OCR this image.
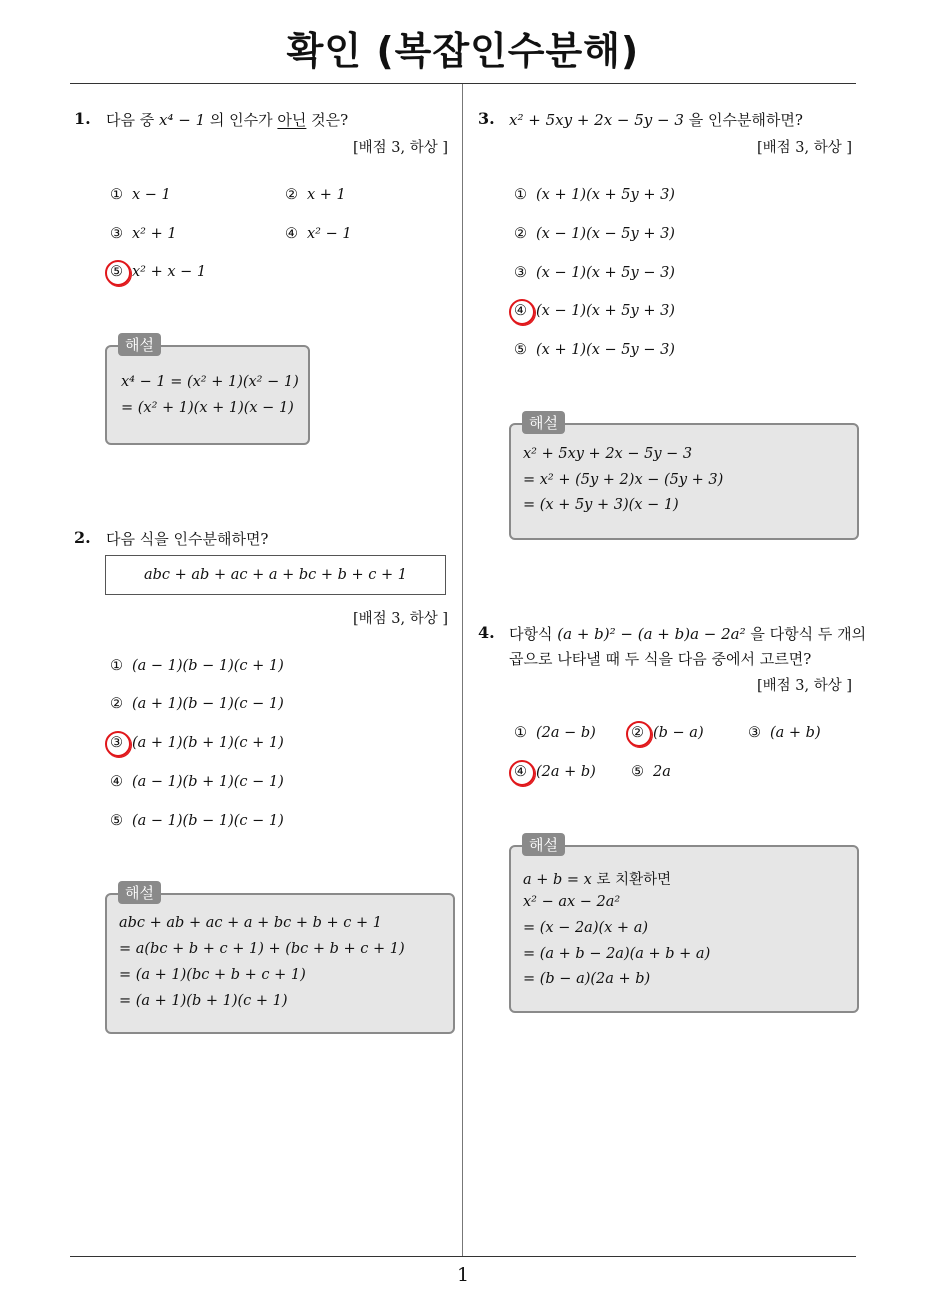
확인 (복잡인수분해)
1. 다음 중 x⁴ − 1 의 인수가 아닌 것은?
[배점 3, 하상 ]
① x − 1	② x + 1
③ x² + 1	④ x² − 1
⑤ x² + x − 1
x⁴ − 1 = (x² + 1)(x² − 1)
= (x² + 1)(x + 1)(x − 1)
해설
2. 다음 식을 인수분해하면?
abc + ab + ac + a + bc + b + c + 1
[배점 3, 하상 ]
① (a − 1)(b − 1)(c + 1)
② (a + 1)(b − 1)(c − 1)
③ (a + 1)(b + 1)(c + 1)
④ (a − 1)(b + 1)(c − 1)
⑤ (a − 1)(b − 1)(c − 1)
abc + ab + ac + a + bc + b + c + 1
= a(bc + b + c + 1) + (bc + b + c + 1)
= (a + 1)(bc + b + c + 1)
= (a + 1)(b + 1)(c + 1)
해설
3. x² + 5xy + 2x − 5y − 3 을 인수분해하면?
[배점 3, 하상 ]
① (x + 1)(x + 5y + 3)
② (x − 1)(x − 5y + 3)
③ (x − 1)(x + 5y − 3)
④ (x − 1)(x + 5y + 3)
⑤ (x + 1)(x − 5y − 3)
x² + 5xy + 2x − 5y − 3
= x² + (5y + 2)x − (5y + 3)
= (x + 5y + 3)(x − 1)
해설
4. 다항식 (a + b)² − (a + b)a − 2a² 을 다항식 두 개의
곱으로 나타낼 때 두 식을 다음 중에서 고르면?
[배점 3, 하상 ]
① (2a − b) ② (b − a)	③ (a + b)
④ (2a + b) ⑤ 2a
a + b = x 로 치환하면
x² − ax − 2a²
= (x − 2a)(x + a)
= (a + b − 2a)(a + b + a)
= (b − a)(2a + b)
해설
1
